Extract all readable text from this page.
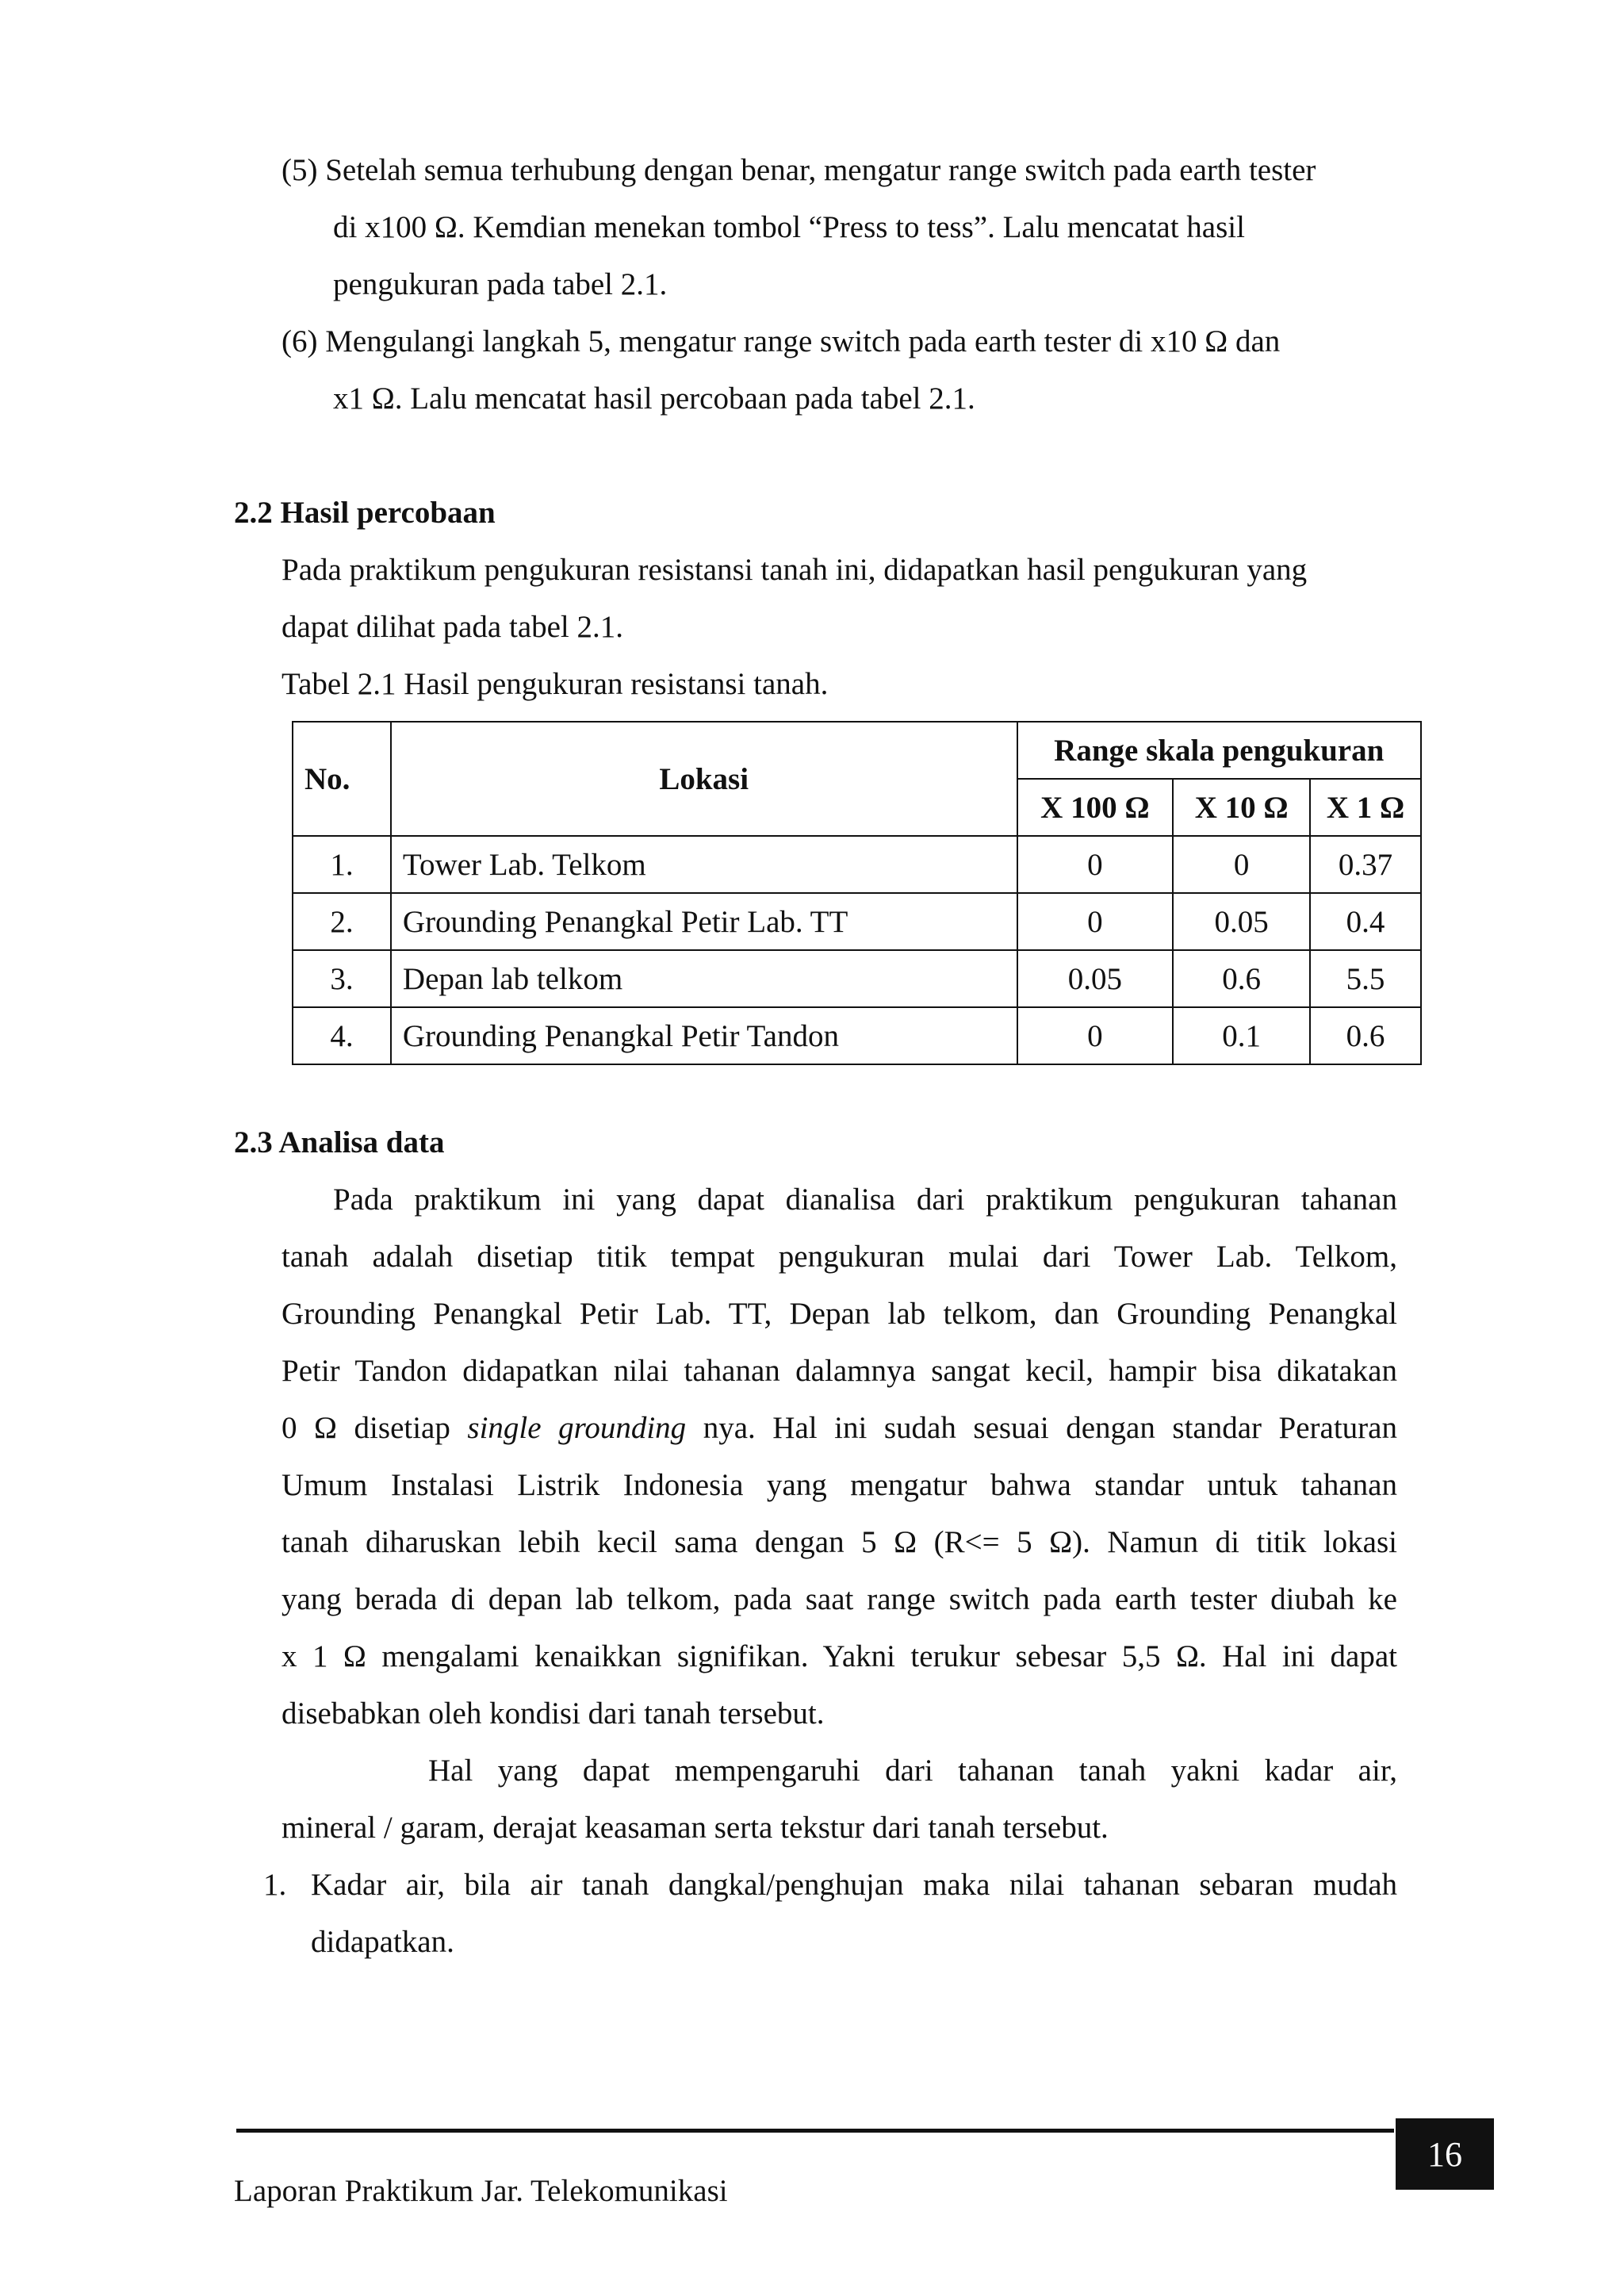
(5) Setelah semua terhubung dengan benar, mengatur range switch pada earth tester
di x100 Ω. Kemdian menekan tombol “Press to tess”. Lalu mencatat hasil
pengukuran pada tabel 2.1.
(6) Mengulangi langkah 5, mengatur range switch pada earth tester di x10 Ω dan
x1 Ω. Lalu mencatat hasil percobaan pada tabel 2.1.
2.2 Hasil percobaan
Pada praktikum pengukuran resistansi tanah ini, didapatkan hasil pengukuran yang
dapat dilihat pada tabel 2.1.
Tabel 2.1 Hasil pengukuran resistansi tanah.
No.	Lokasi	Range skala pengukuran		
		X 100 Ω	X 10 Ω	X 1 Ω
1.	Tower Lab. Telkom	0	0	0.37
2.	Grounding Penangkal Petir Lab. TT	0	0.05	0.4
3.	Depan lab telkom	0.05	0.6	5.5
4.	Grounding Penangkal Petir Tandon	0	0.1	0.6
2.3 Analisa data
Pada praktikum ini yang dapat dianalisa dari praktikum pengukuran tahanan
tanah adalah disetiap titik tempat pengukuran mulai dari Tower Lab. Telkom,
Grounding Penangkal Petir Lab. TT, Depan lab telkom, dan Grounding Penangkal
Petir Tandon didapatkan nilai tahanan dalamnya sangat kecil, hampir bisa dikatakan
0 Ω disetiap single grounding nya. Hal ini sudah sesuai dengan standar Peraturan
Umum Instalasi Listrik Indonesia yang mengatur bahwa standar untuk tahanan
tanah diharuskan lebih kecil sama dengan 5 Ω (R<= 5 Ω). Namun di titik lokasi
yang berada di depan lab telkom, pada saat range switch pada earth tester diubah ke
x 1 Ω mengalami kenaikkan signifikan. Yakni terukur sebesar 5,5 Ω. Hal ini dapat
disebabkan oleh kondisi dari tanah tersebut.
Hal yang dapat mempengaruhi dari tahanan tanah yakni kadar air,
mineral / garam, derajat keasaman serta tekstur dari tanah tersebut.
1. Kadar air, bila air tanah dangkal/penghujan maka nilai tahanan sebaran mudah
didapatkan.
16
Laporan Praktikum Jar. Telekomunikasi
